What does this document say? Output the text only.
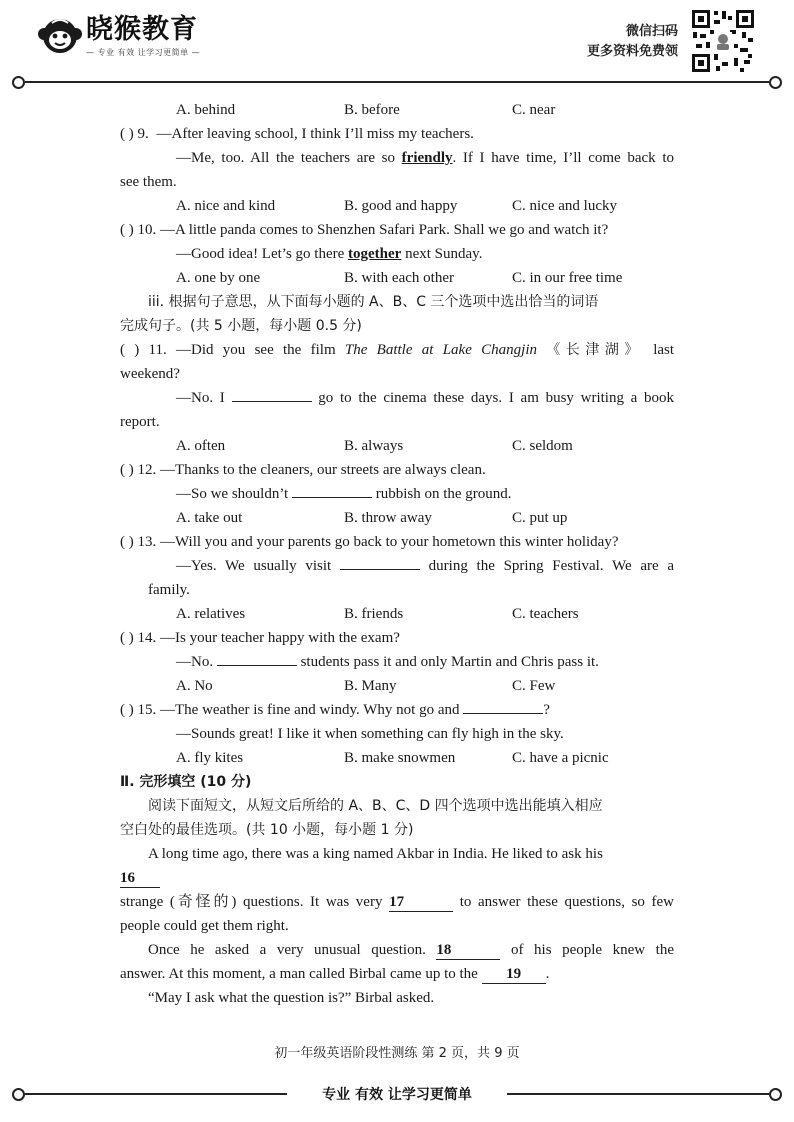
晓猴教育
— 专业 有效 让学习更简单 —
微信扫码
更多资料免费领
A. behind	B. before	C. near
( ) 9. —After leaving school, I think I’ll miss my teachers.
—Me, too. All the teachers are so friendly. If I have time, I’ll come back to
see them.
A. nice and kind	B. good and happy	C. nice and lucky
( ) 10. —A little panda comes to Shenzhen Safari Park. Shall we go and watch it?
—Good idea! Let’s go there together next Sunday.
A. one by one	B. with each other	C. in our free time
iii. 根据句子意思，从下面每小题的 A、B、C 三个选项中选出恰当的词语
完成句子。(共 5 小题，每小题 0.5 分)
( ) 11. —Did you see the film The Battle at Lake Changjin 《长津湖》 last
weekend?
—No. I	go to the cinema these days. I am busy writing a book
report.
A. often	B. always	C. seldom
( ) 12. —Thanks to the cleaners, our streets are always clean.
—So we shouldn’t	rubbish on the ground.
A. take out	B. throw away	C. put up
( ) 13. —Will you and your parents go back to your hometown this winter holiday?
—Yes. We usually visit	during the Spring Festival. We are a
family.
A. relatives	B. friends	C. teachers
( ) 14. —Is your teacher happy with the exam?
—No.	students pass it and only Martin and Chris pass it.
A. No	B. Many	C. Few
( ) 15. —The weather is fine and windy. Why not go and	?
—Sounds great! I like it when something can fly high in the sky.
A. fly kites	B. make snowmen	C. have a picnic
Ⅱ. 完形填空 (10 分)
阅读下面短文，从短文后所给的 A、B、C、D 四个选项中选出能填入相应
空白处的最佳选项。(共 10 小题，每小题 1 分)
A long time ago, there was a king named Akbar in India. He liked to ask his
16
strange (奇怪的) questions. It was very 17	to answer these questions, so few
people could get them right.
Once he asked a very unusual question. 18	of his people knew the
answer. At this moment, a man called Birbal came up to the 19 .
“May I ask what the question is?” Birbal asked.
初一年级英语阶段性测练 第 2 页，共 9 页
专业 有效 让学习更简单
